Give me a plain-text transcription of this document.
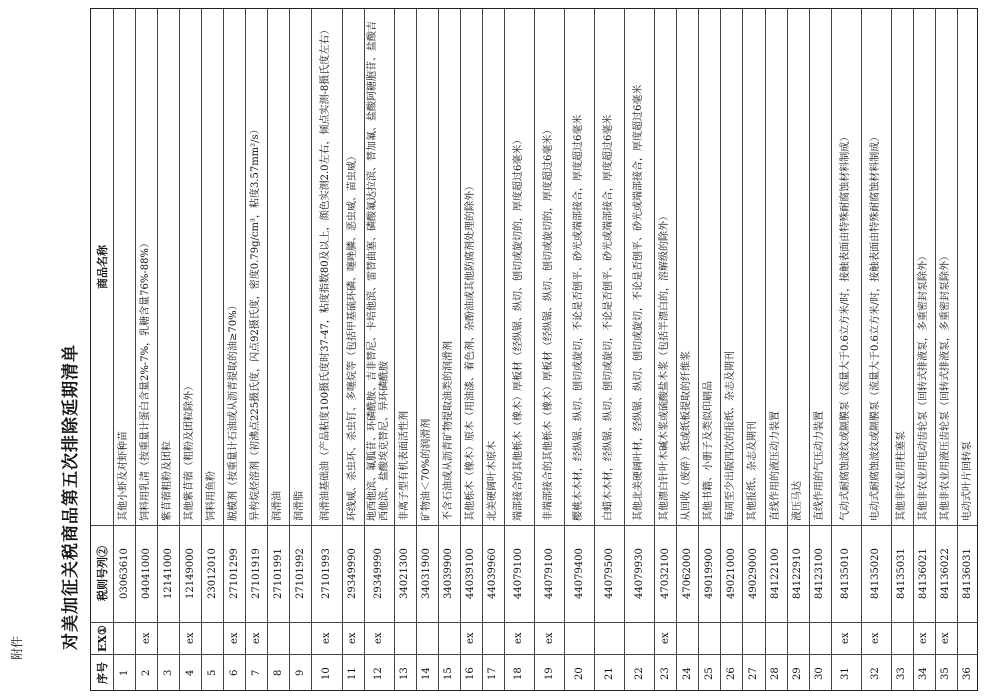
附件	对美加征关税商品第五次排除延期清单
序号
EX①
税则号列②
商品名称
1
03063610
其他小虾及对虾种苗
2
ex
04041000
饲料用乳清（按重量计蛋白含量2%-7%，乳糖含量76%-88%）
3
12141000
紫苜蓿粗粉及团粒
4
ex
12149000
其他紫苜蓿（粗粉及团粒除外）
5
23012010
饲料用鱼粉
6
ex
27101299
脱模剂（按重量计石油或从沥青提取的油≥70%）
7
ex
27101919
异构烷烃溶剂（初沸点225摄氏度，闪点92摄氏度，密度0.79g/cm³，粘度3.57mm²/s）
8
27101991
润滑油
9
27101992
润滑脂
10
ex
27101993
润滑油基础油（产品粘度100摄氏度时37-47，粘度指数80及以上，颜色实测2.0左右，倾点实测-8摄氏度左右）
11
ex
29349990
环线威、杀虫环、杀虫钉、多噻烷等（包括甲基硫环磷、噻唑膦、恶虫威、苗虫威）
12
ex
29349990
地西他滨、氟胍苷、环磷酰胺、吉非替尼、卡培他滨、雷替曲塞、磷酸氟达拉滨、替加氟、盐酸阿糖胞苷、盐酸吉西他滨、盐酸埃克替尼、异环磷酰胺
13
34021300
非离子型有机表面活性剂
14
34031900
矿物油＜70%的润滑剂
15
34039900
不含石油或从沥青矿物提取油类的润滑剂
16
ex
44039100
其他栎木（橡木）原木（用油漆、着色剂、杂酚油或其他防腐剂处理的除外）
17
44039960
北美硬阔叶木原木
18
ex
44079100
端部接合的其他栎木（橡木）厚板材（经纵锯、纵切、刨切或旋切的，厚度超过6毫米）
19
ex
44079100
非端部接合的其他栎木（橡木）厚板材（经纵锯、纵切、刨切或旋切的，厚度超过6毫米）
20
44079400
樱桃木木材，经纵锯、纵切、刨切或旋切，不论是否刨平、砂光或端部接合，厚度超过6毫米
21
44079500
白蜡木木材，经纵锯、纵切、刨切或旋切，不论是否刨平、砂光或端部接合，厚度超过6毫米
22
44079930
其他北美硬阔叶材，经纵锯、纵切、刨切或旋切，不论是否刨平、砂光或端部接合，厚度超过6毫米
23
ex
47032100
其他漂白针叶木碱木浆或硫酸盐木浆（包括半漂白的，溶解级的除外）
24
47062000
从回收（废碎）纸或纸板提取的纤维浆
25
49019900
其他书籍、小册子及类似印刷品
26
49021000
每周至少出版四次的报纸、杂志及期刊
27
49029000
其他报纸、杂志及期刊
28
84122100
直线作用的液压动力装置
29
84122910
液压马达
30
84123100
直线作用的气压动力装置
31
ex
84135010
气动式耐腐蚀波纹或隔膜泵（流量大于0.6立方米/时，接触表面由特殊耐腐蚀材料制成）
32
ex
84135020
电动式耐腐蚀波纹或隔膜泵（流量大于0.6立方米/时，接触表面由特殊耐腐蚀材料制成）
33
84135031
其他非农业用柱塞泵
34
ex
84136021
其他非农业用电动齿轮泵（回转式排液泵，多重密封泵除外）
35
ex
84136022
其他非农业用液压齿轮泵（回转式排液泵，多重密封泵除外）
36
84136031
电动式叶片回转泵
